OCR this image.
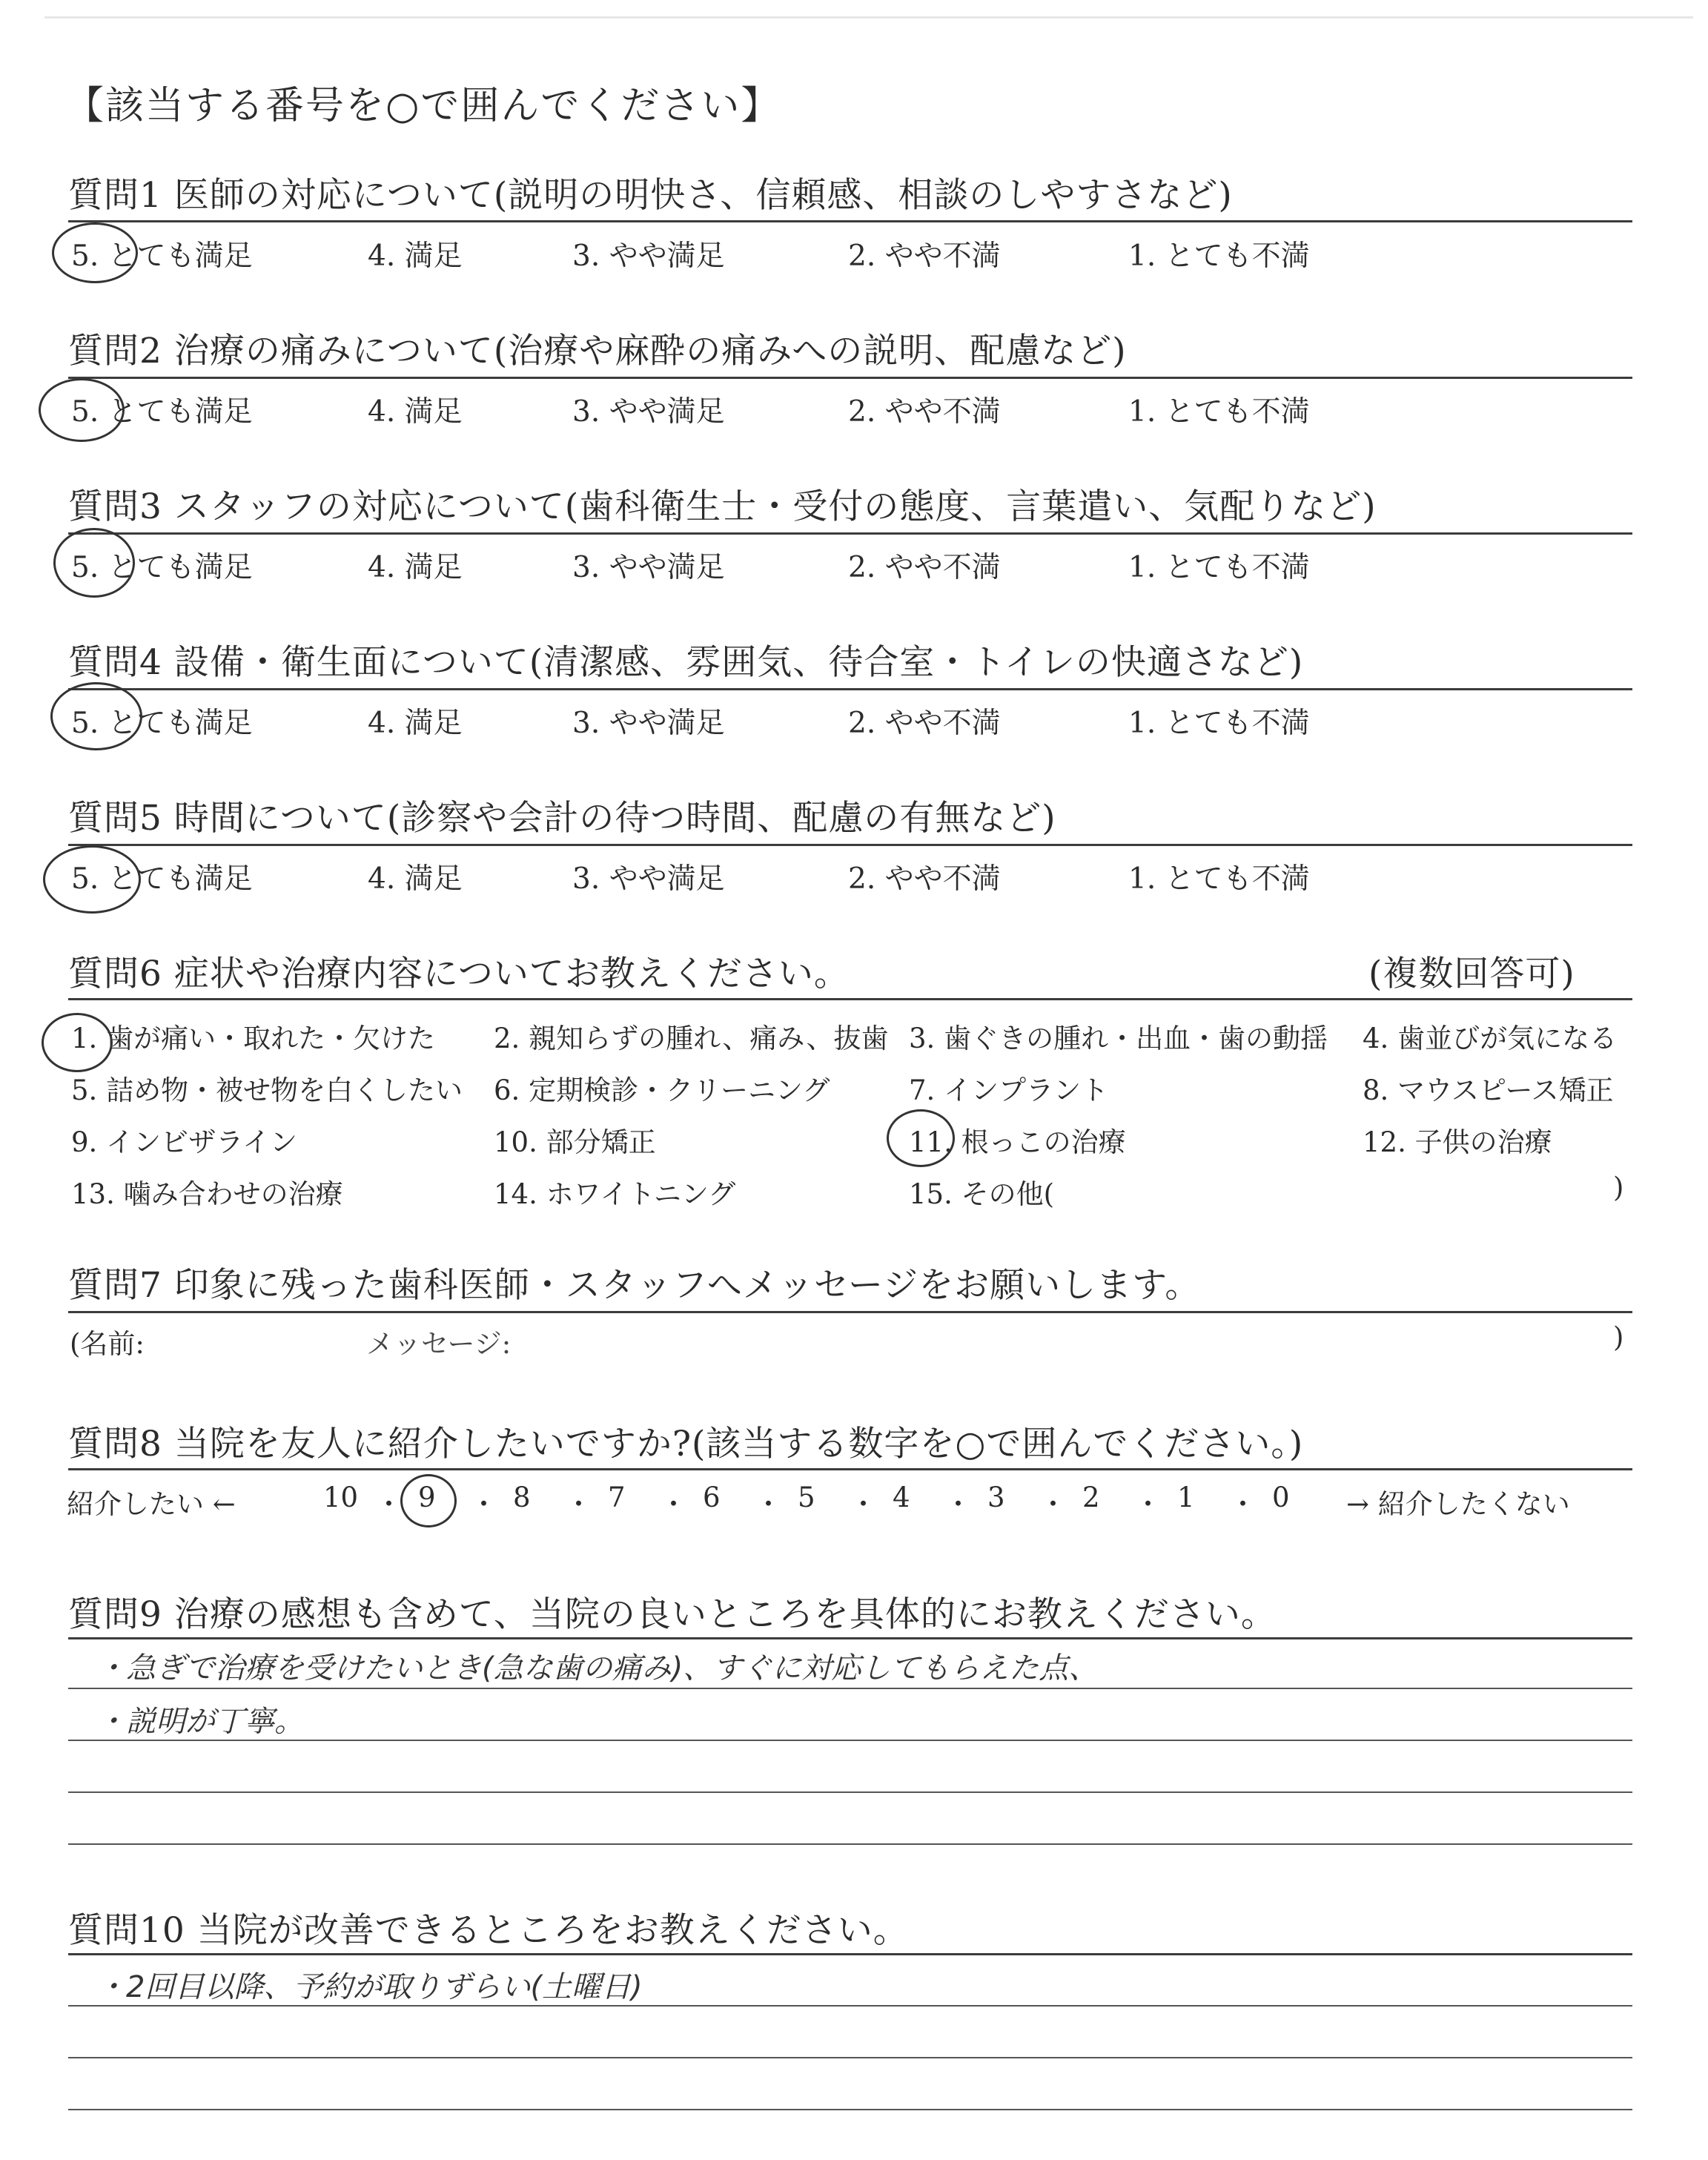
【該当する番号を○で囲んでください】
質問1 医師の対応について(説明の明快さ、信頼感、相談のしやすさなど)
5. とても満足	4. 満足	3. やや満足	2. やや不満	1. とても不満
質問2 治療の痛みについて(治療や麻酔の痛みへの説明、配慮など)
5. とても満足	4. 満足	3. やや満足	2. やや不満	1. とても不満
質問3 スタッフの対応について(歯科衛生士・受付の態度、言葉遣い、気配りなど)
5. とても満足	4. 満足	3. やや満足	2. やや不満	1. とても不満
質問4 設備・衛生面について(清潔感、雰囲気、待合室・トイレの快適さなど)
5. とても満足	4. 満足	3. やや満足	2. やや不満	1. とても不満
質問5 時間について(診察や会計の待つ時間、配慮の有無など)
5. とても満足	4. 満足	3. やや満足	2. やや不満	1. とても不満
質問6 症状や治療内容についてお教えください。	(複数回答可)
1. 歯が痛い・取れた・欠けた 2. 親知らずの腫れ、痛み、抜歯 3. 歯ぐきの腫れ・出血・歯の動揺 4. 歯並びが気になる
5. 詰め物・被せ物を白くしたい 6. 定期検診・クリーニング	7. インプラント	8. マウスピース矯正
9. インビザライン	10. 部分矯正	11. 根っこの治療	12. 子供の治療
13. 噛み合わせの治療	14. ホワイトニング	15. その他(	)
質問7 印象に残った歯科医師・スタッフへメッセージをお願いします。
(名前:	メッセージ:	)
質問8 当院を友人に紹介したいですか?(該当する数字を○で囲んでください。)
紹介したい ←	→ 紹介したくない
10 ・ 9 ・ 8 ・ 7 ・ 6 ・ 5 ・ 4 ・ 3 ・ 2 ・ 1 ・ 0
質問9 治療の感想も含めて、当院の良いところを具体的にお教えください。
・急ぎで治療を受けたいとき(急な歯の痛み)、すぐに対応してもらえた点、
・説明が丁寧。
質問10 当院が改善できるところをお教えください。
・2回目以降、予約が取りずらい(土曜日)
